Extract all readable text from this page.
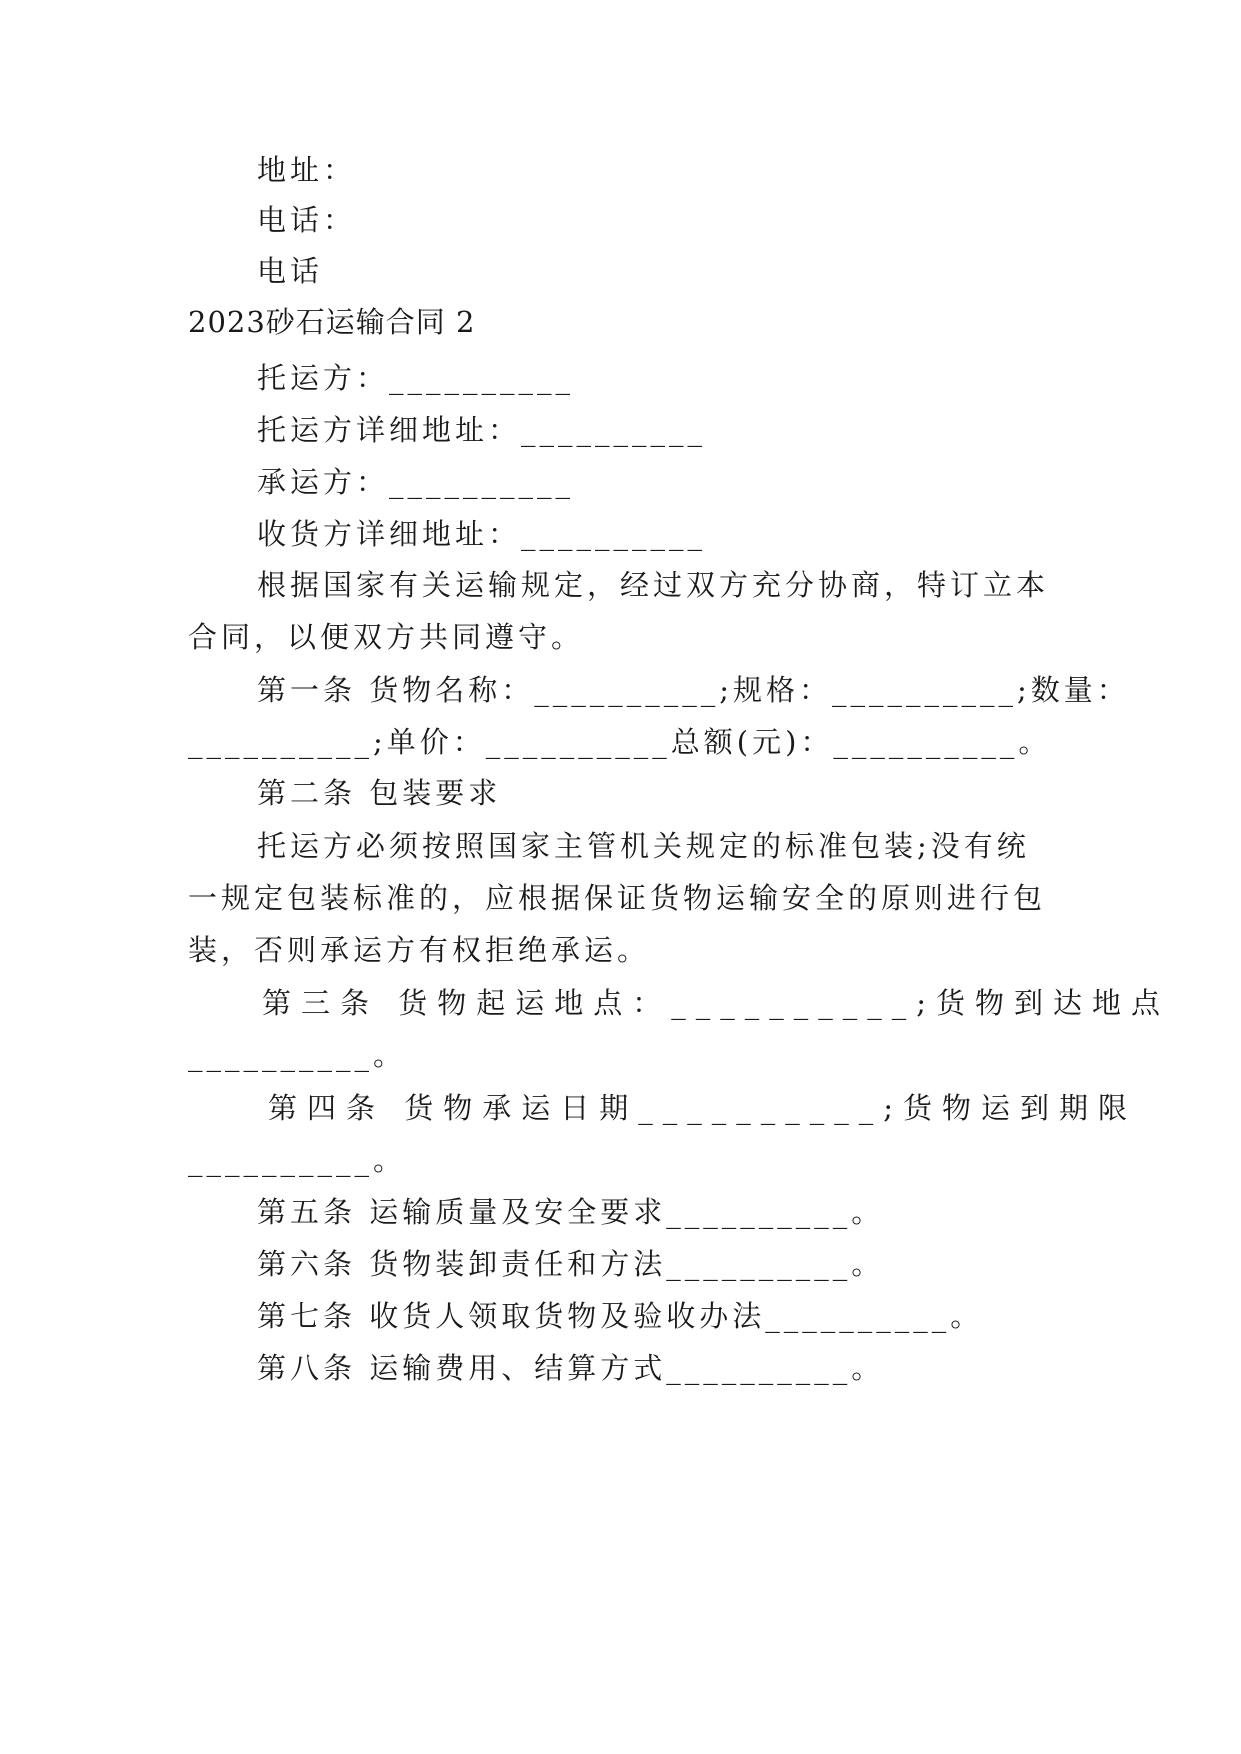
地址：
电话：
电话
2023砂石运输合同 2
托运方：__________
托运方详细地址：__________
承运方：__________
收货方详细地址：__________
根据国家有关运输规定，经过双方充分协商，特订立本
合同，以便双方共同遵守。
第一条 货物名称：__________;规格：__________;数量：
__________;单价：__________总额(元)：__________。
第二条 包装要求
托运方必须按照国家主管机关规定的标准包装;没有统
一规定包装标准的，应根据保证货物运输安全的原则进行包
装，否则承运方有权拒绝承运。
第三条 货物起运地点：__________;货物到达地点
__________。
第四条 货物承运日期__________;货物运到期限
__________。
第五条 运输质量及安全要求__________。
第六条 货物装卸责任和方法__________。
第七条 收货人领取货物及验收办法__________。
第八条 运输费用、结算方式__________。
